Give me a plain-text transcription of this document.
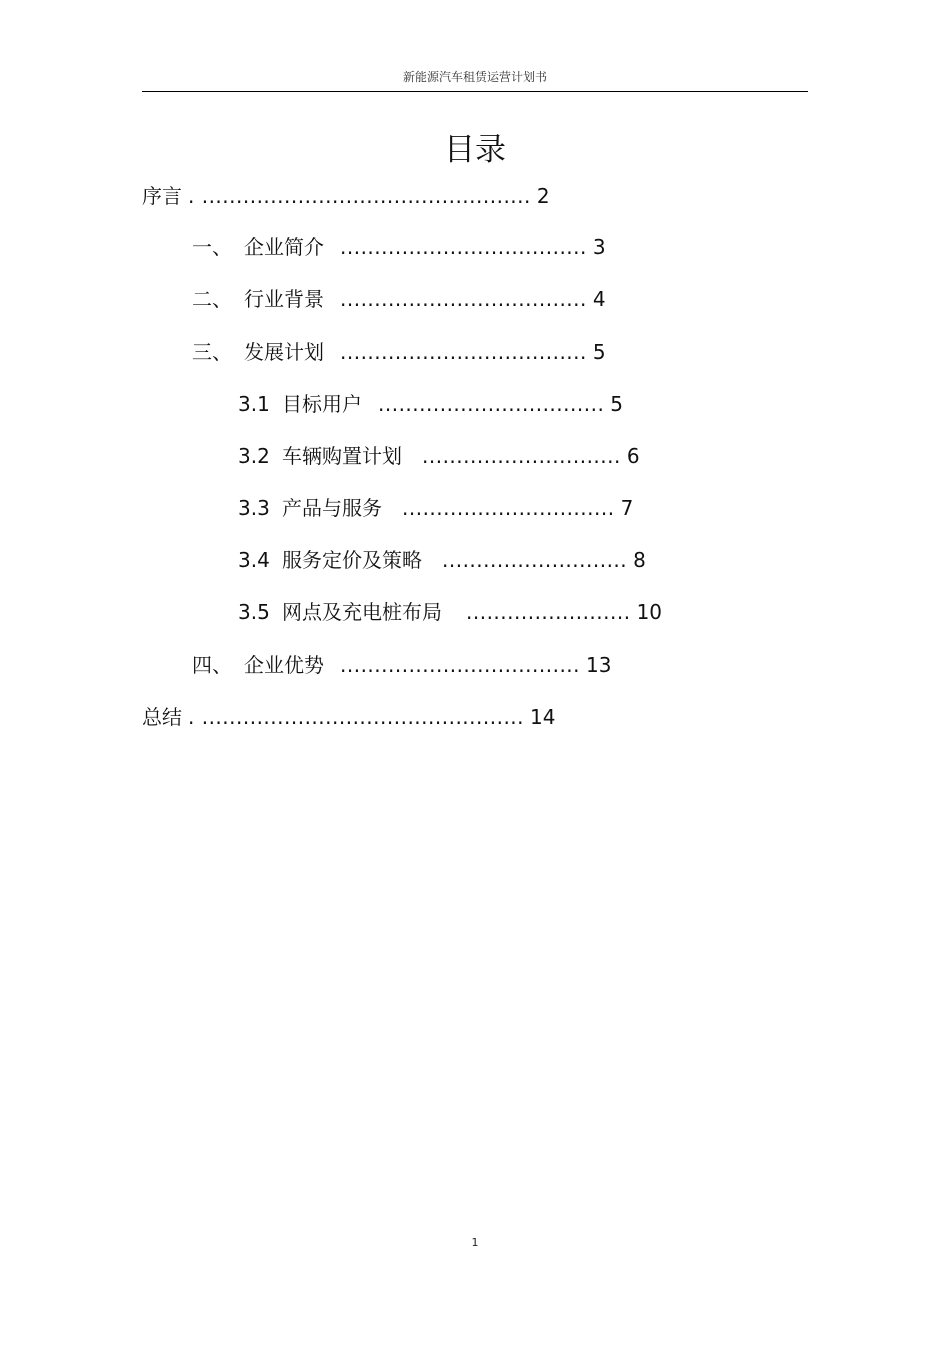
新能源汽车租赁运营计划书
目录
序言 . ................................................ 2
一、 企业简介 .................................... 3
二、 行业背景 .................................... 4
三、 发展计划 .................................... 5
3.1 目标用户 ................................. 5
3.2 车辆购置计划 ............................. 6
3.3 产品与服务 ............................... 7
3.4 服务定价及策略 ........................... 8
3.5 网点及充电桩布局 ........................ 10
四、 企业优势 ................................... 13
总结 . ............................................... 14
1
